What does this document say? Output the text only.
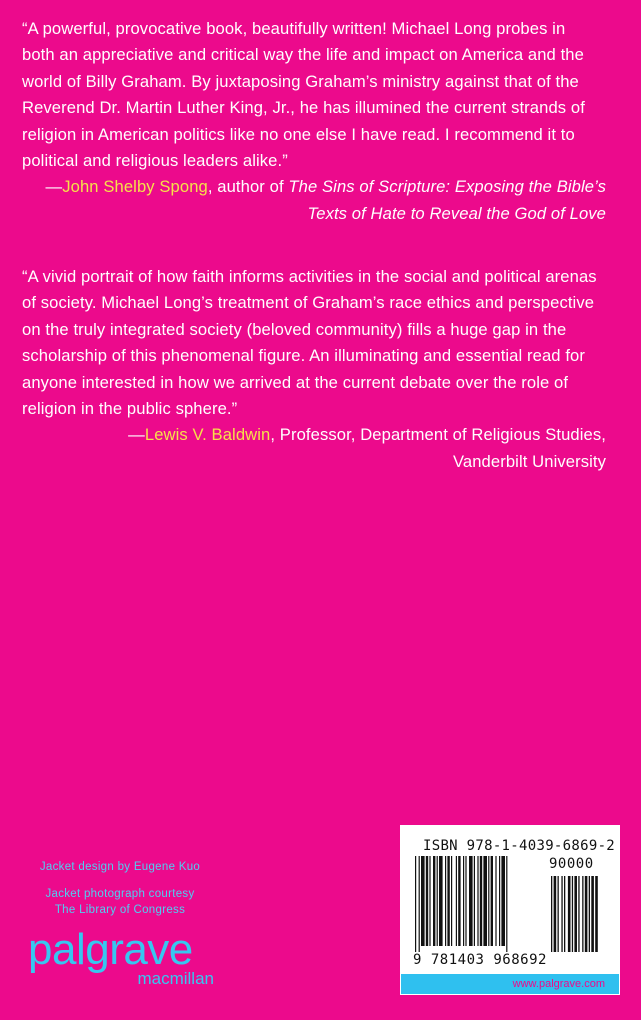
“A powerful, provocative book, beautifully written! Michael Long probes in
both an appreciative and critical way the life and impact on America and the
world of Billy Graham. By juxtaposing Graham’s ministry against that of the
Reverend Dr. Martin Luther King, Jr., he has illumined the current strands of
religion in American politics like no one else I have read. I recommend it to
political and religious leaders alike.”
—John Shelby Spong, author of The Sins of Scripture: Exposing the Bible’s
Texts of Hate to Reveal the God of Love
“A vivid portrait of how faith informs activities in the social and political arenas
of society. Michael Long’s treatment of Graham’s race ethics and perspective
on the truly integrated society (beloved community) fills a huge gap in the
scholarship of this phenomenal figure. An illuminating and essential read for
anyone interested in how we arrived at the current debate over the role of
religion in the public sphere.”
—Lewis V. Baldwin, Professor, Department of Religious Studies,
Vanderbilt University
Jacket design by Eugene Kuo
Jacket photograph courtesy
The Library of Congress
palgrave
macmillan
ISBN 978-1-4039-6869-2
90000
9 781403 968692
www.palgrave.com
